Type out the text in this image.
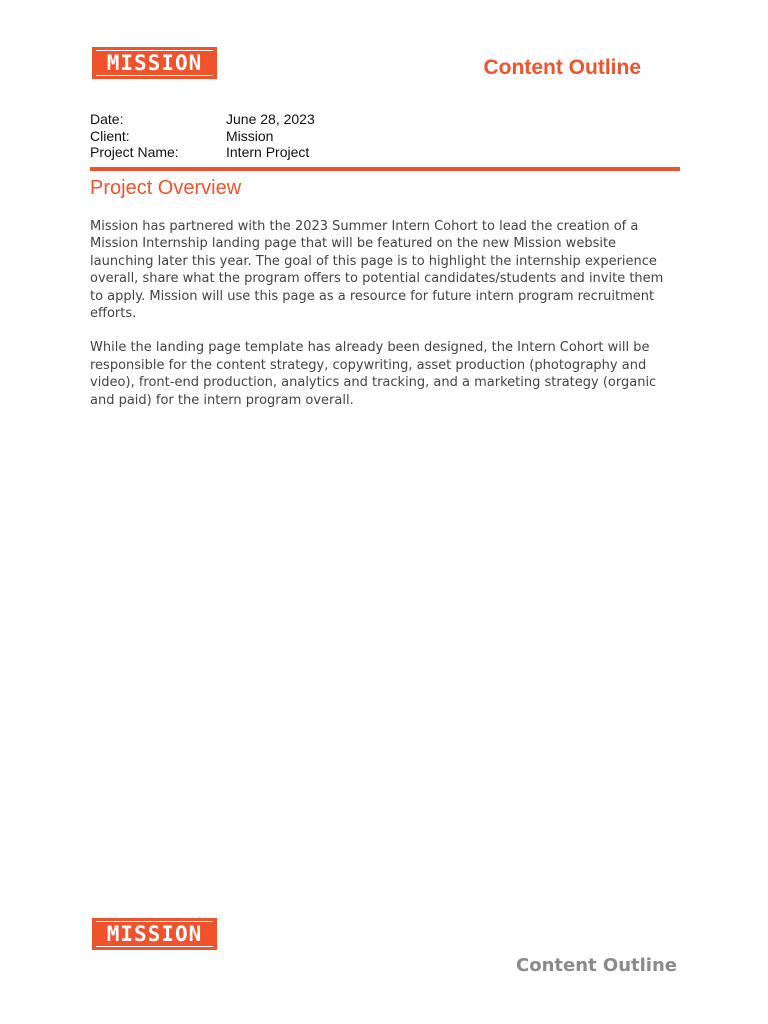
MISSION	Content Outline
Date:	June 28, 2023
Client:	Mission
Project Name:	Intern Project
Project Overview

Mission has partnered with the 2023 Summer Intern Cohort to lead the creation of a Mission Internship landing page that will be featured on the new Mission website launching later this year. The goal of this page is to highlight the internship experience overall, share what the program offers to potential candidates/students and invite them to apply. Mission will use this page as a resource for future intern program recruitment efforts.

While the landing page template has already been designed, the Intern Cohort will be responsible for the content strategy, copywriting, asset production (photography and video), front-end production, analytics and tracking, and a marketing strategy (organic and paid) for the intern program overall.

MISSION
Content Outline
